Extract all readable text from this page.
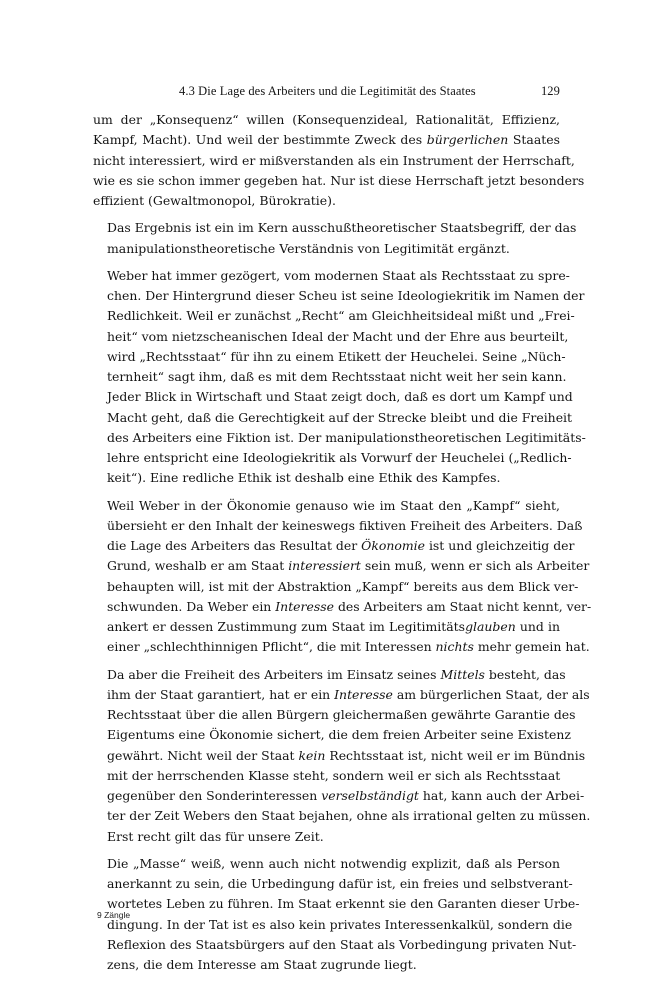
4.3 Die Lage des Arbeiters und die Legitimität des Staates	129

um der „Konsequenz“ willen (Konsequenzideal, Rationalität, Effizienz,
Kampf, Macht). Und weil der bestimmte Zweck des bürgerlichen Staates
nicht interessiert, wird er mißverstanden als ein Instrument der Herrschaft,
wie es sie schon immer gegeben hat. Nur ist diese Herrschaft jetzt besonders
effizient (Gewaltmonopol, Bürokratie).

Das Ergebnis ist ein im Kern ausschußtheoretischer Staatsbegriff, der das
manipulationstheoretische Verständnis von Legitimität ergänzt.

Weber hat immer gezögert, vom modernen Staat als Rechtsstaat zu spre-
chen. Der Hintergrund dieser Scheu ist seine Ideologiekritik im Namen der
Redlichkeit. Weil er zunächst „Recht“ am Gleichheitsideal mißt und „Frei-
heit“ vom nietzscheanischen Ideal der Macht und der Ehre aus beurteilt,
wird „Rechtsstaat“ für ihn zu einem Etikett der Heuchelei. Seine „Nüch-
ternheit“ sagt ihm, daß es mit dem Rechtsstaat nicht weit her sein kann.
Jeder Blick in Wirtschaft und Staat zeigt doch, daß es dort um Kampf und
Macht geht, daß die Gerechtigkeit auf der Strecke bleibt und die Freiheit
des Arbeiters eine Fiktion ist. Der manipulationstheoretischen Legitimitäts-
lehre entspricht eine Ideologiekritik als Vorwurf der Heuchelei („Redlich-
keit“). Eine redliche Ethik ist deshalb eine Ethik des Kampfes.

Weil Weber in der Ökonomie genauso wie im Staat den „Kampf“ sieht,
übersieht er den Inhalt der keineswegs fiktiven Freiheit des Arbeiters. Daß
die Lage des Arbeiters das Resultat der Ökonomie ist und gleichzeitig der
Grund, weshalb er am Staat interessiert sein muß, wenn er sich als Arbeiter
behaupten will, ist mit der Abstraktion „Kampf“ bereits aus dem Blick ver-
schwunden. Da Weber ein Interesse des Arbeiters am Staat nicht kennt, ver-
ankert er dessen Zustimmung zum Staat im Legitimitätsglauben und in
einer „schlechthinnigen Pflicht“, die mit Interessen nichts mehr gemein hat.

Da aber die Freiheit des Arbeiters im Einsatz seines Mittels besteht, das
ihm der Staat garantiert, hat er ein Interesse am bürgerlichen Staat, der als
Rechtsstaat über die allen Bürgern gleichermaßen gewährte Garantie des
Eigentums eine Ökonomie sichert, die dem freien Arbeiter seine Existenz
gewährt. Nicht weil der Staat kein Rechtsstaat ist, nicht weil er im Bündnis
mit der herrschenden Klasse steht, sondern weil er sich als Rechtsstaat
gegenüber den Sonderinteressen verselbständigt hat, kann auch der Arbei-
ter der Zeit Webers den Staat bejahen, ohne als irrational gelten zu müssen.
Erst recht gilt das für unsere Zeit.

Die „Masse“ weiß, wenn auch nicht notwendig explizit, daß als Person
anerkannt zu sein, die Urbedingung dafür ist, ein freies und selbstverant-
wortetes Leben zu führen. Im Staat erkennt sie den Garanten dieser Urbe-
dingung. In der Tat ist es also kein privates Interessenkalkül, sondern die
Reflexion des Staatsbürgers auf den Staat als Vorbedingung privaten Nut-
zens, die dem Interesse am Staat zugrunde liegt.

9 Zängle
